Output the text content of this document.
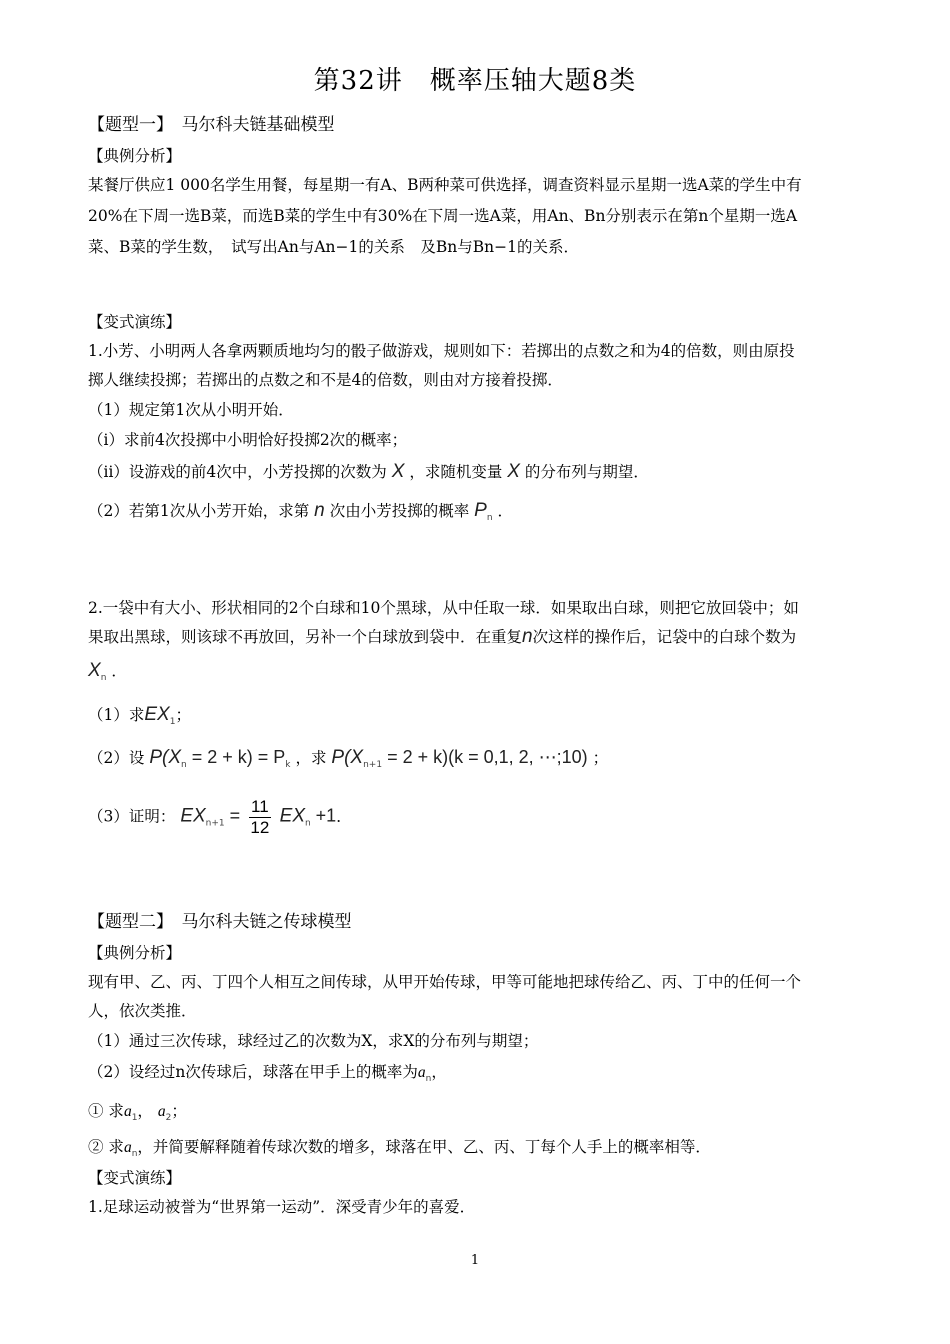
第32讲　概率压轴大题8类
【题型一】　马尔科夫链基础模型
【典例分析】
某餐厅供应1 000名学生用餐，每星期一有A、B两种菜可供选择，调查资料显示星期一选A菜的学生中有
20%在下周一选B菜，而选B菜的学生中有30%在下周一选A菜，用An、Bn分别表示在第n个星期一选A
菜、B菜的学生数，　试写出An与An−1的关系　及Bn与Bn−1的关系．
【变式演练】
1.小芳、小明两人各拿两颗质地均匀的骰子做游戏，规则如下：若掷出的点数之和为4的倍数，则由原投
掷人继续投掷；若掷出的点数之和不是4的倍数，则由对方接着投掷．
（1）规定第1次从小明开始．
（ⅰ）求前4次投掷中小明恰好投掷2次的概率；
（ⅱ）设游戏的前4次中，小芳投掷的次数为 X ，求随机变量 X 的分布列与期望．
（2）若第1次从小芳开始，求第 n 次由小芳投掷的概率 $P_n$ ．
2.一袋中有大小、形状相同的2个白球和10个黑球，从中任取一球．如果取出白球，则把它放回袋中；如
果取出黑球，则该球不再放回，另补一个白球放到袋中．在重复n次这样的操作后，记袋中的白球个数为
$X_n$ ．
（1）求$EX_1$；
（2）设 $P(X_n = 2 + k) = P_k$ ，求 $P(X_{n+1} = 2 + k)(k = 0,1$, 2, ⋯;10) ；
（3）证明： $EX_{n+1} = \frac{11}{12} EX_n +1$．
【题型二】　马尔科夫链之传球模型
【典例分析】
现有甲、乙、丙、丁四个人相互之间传球，从甲开始传球，甲等可能地把球传给乙、丙、丁中的任何一个
人，依次类推．
（1）通过三次传球，球经过乙的次数为X，求X的分布列与期望；
（2）设经过n次传球后，球落在甲手上的概率为$a_n$，
① 求$a_1$， $a_2$；
② 求$a_n$，并简要解释随着传球次数的增多，球落在甲、乙、丙、丁每个人手上的概率相等．
【变式演练】
1.足球运动被誉为“世界第一运动”．深受青少年的喜爱．
1
